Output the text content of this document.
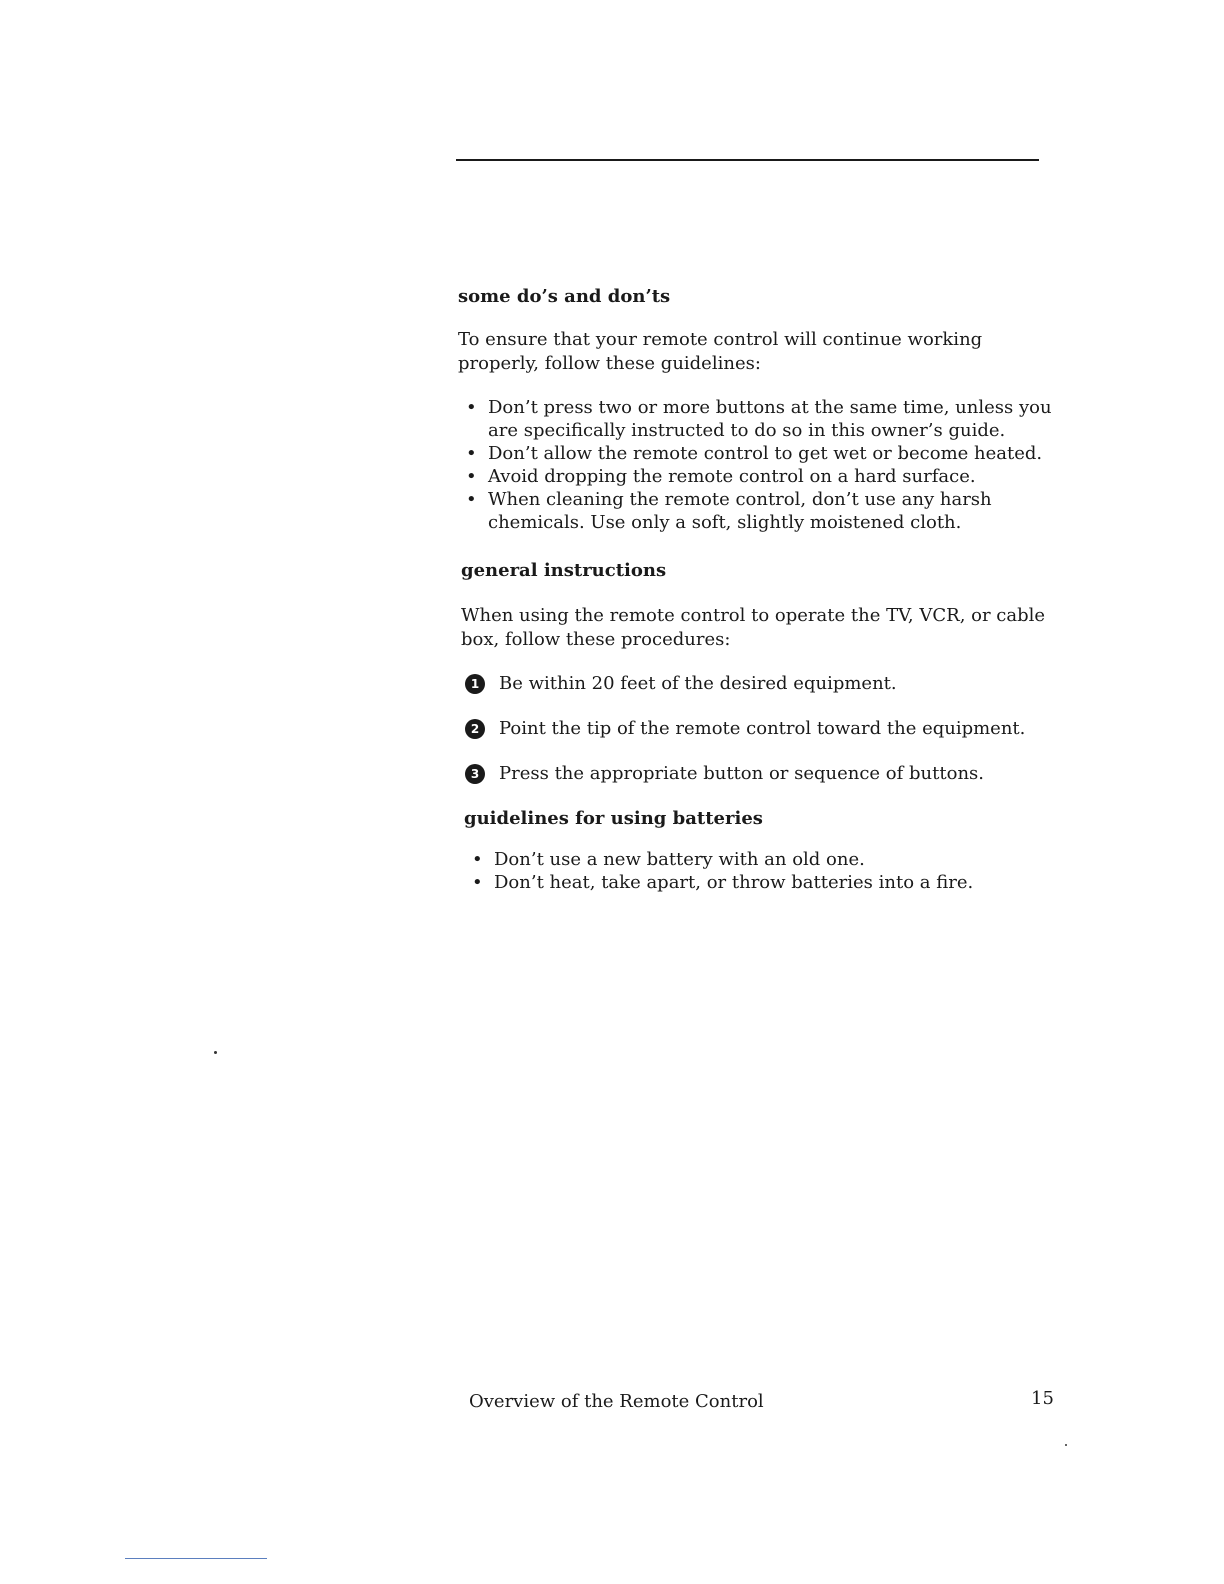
some do’s and don’ts

To ensure that your remote control will continue working properly, follow these guidelines:

• Don’t press two or more buttons at the same time, unless you are specifically instructed to do so in this owner’s guide.
• Don’t allow the remote control to get wet or become heated.
• Avoid dropping the remote control on a hard surface.
• When cleaning the remote control, don’t use any harsh chemicals. Use only a soft, slightly moistened cloth.
general instructions

When using the remote control to operate the TV, VCR, or cable box, follow these procedures:

1	Be within 20 feet of the desired equipment.

2	Point the tip of the remote control toward the equipment.

3	Press the appropriate button or sequence of buttons.

guidelines for using batteries
• Don’t use a new battery with an old one.
• Don’t heat, take apart, or throw batteries into a fire.
Overview of the Remote Control	15
